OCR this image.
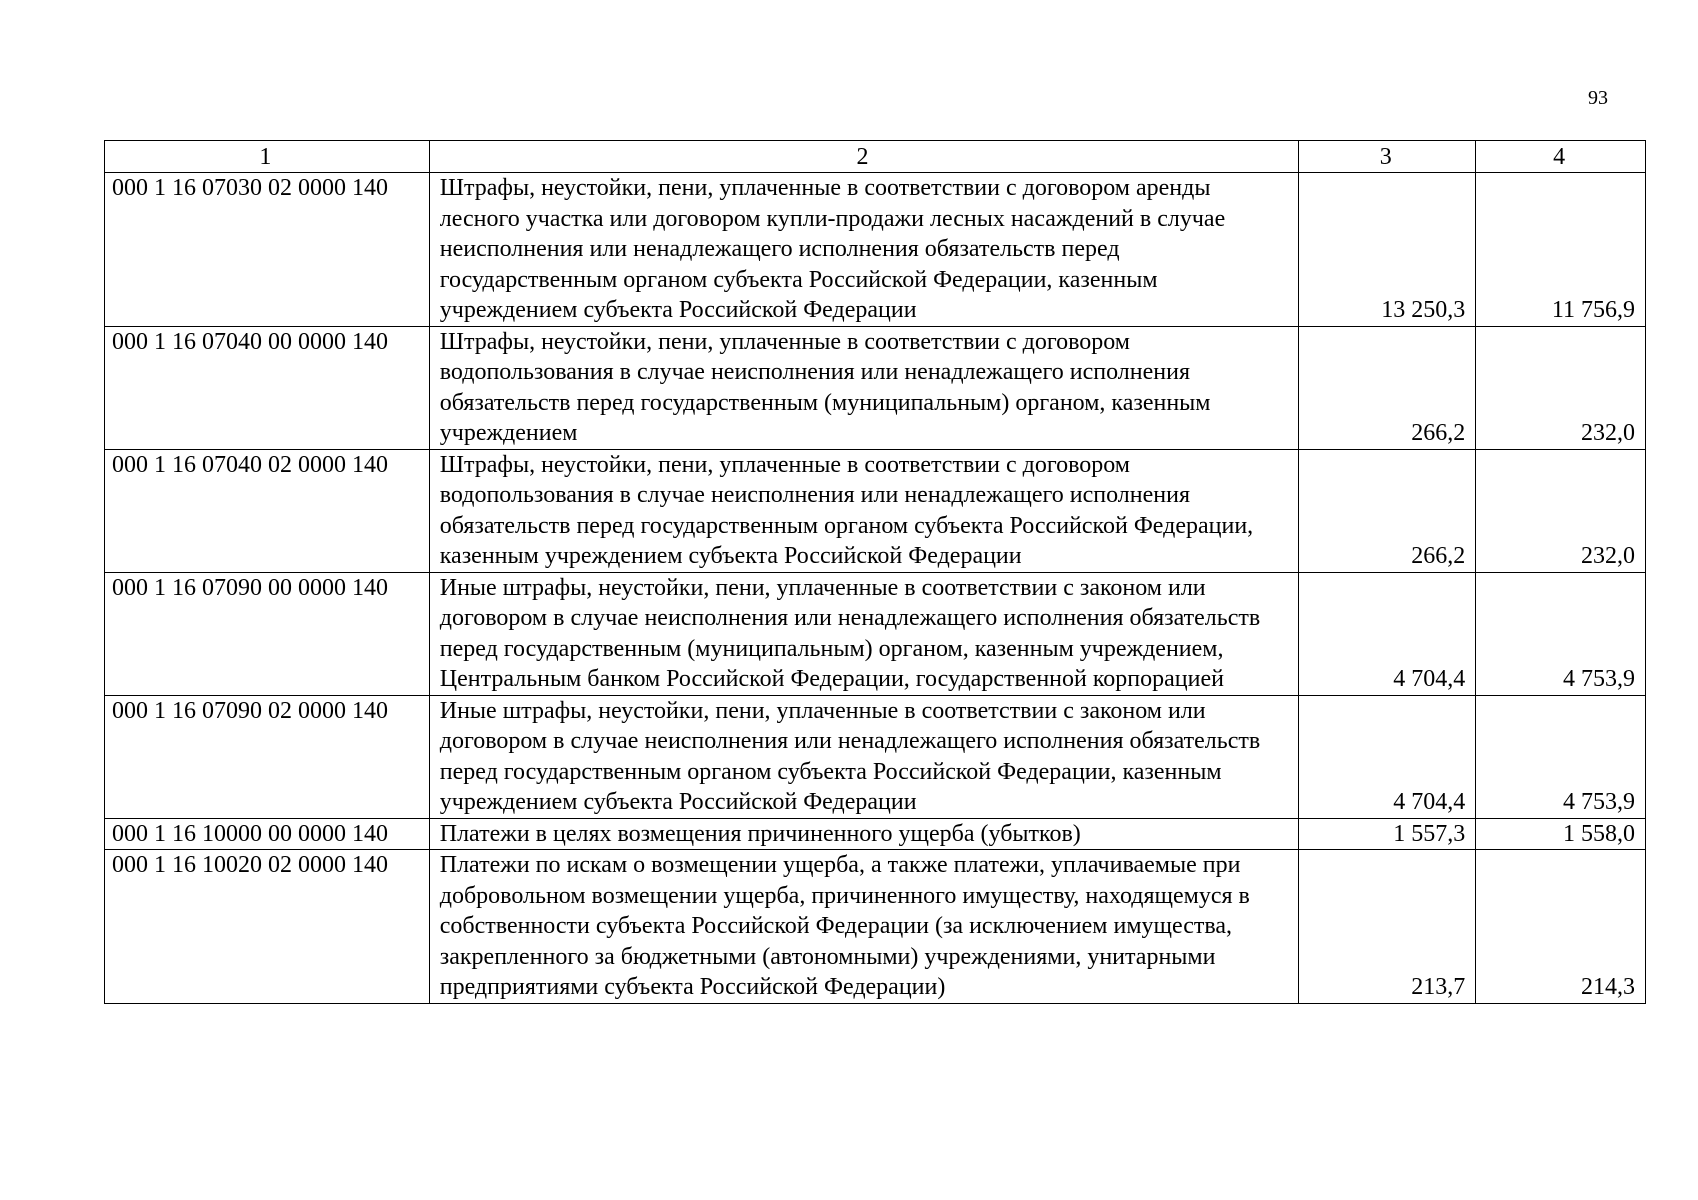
93
1	2	3	4
000 1 16 07030 02 0000 140	Штрафы, неустойки, пени, уплаченные в соответствии с договором аренды лесного участка или договором купли-продажи лесных насаждений в случае неисполнения или ненадлежащего исполнения обязательств перед государственным органом субъекта Российской Федерации, казенным учреждением субъекта Российской Федерации	13 250,3	11 756,9
000 1 16 07040 00 0000 140	Штрафы, неустойки, пени, уплаченные в соответствии с договором водопользования в случае неисполнения или ненадлежащего исполнения обязательств перед государственным (муниципальным) органом, казенным учреждением	266,2	232,0
000 1 16 07040 02 0000 140	Штрафы, неустойки, пени, уплаченные в соответствии с договором водопользования в случае неисполнения или ненадлежащего исполнения обязательств перед государственным органом субъекта Российской Федерации, казенным учреждением субъекта Российской Федерации	266,2	232,0
000 1 16 07090 00 0000 140	Иные штрафы, неустойки, пени, уплаченные в соответствии с законом или договором в случае неисполнения или ненадлежащего исполнения обязательств перед государственным (муниципальным) органом, казенным учреждением, Центральным банком Российской Федерации, государственной корпорацией	4 704,4	4 753,9
000 1 16 07090 02 0000 140	Иные штрафы, неустойки, пени, уплаченные в соответствии с законом или договором в случае неисполнения или ненадлежащего исполнения обязательств перед государственным органом субъекта Российской Федерации, казенным учреждением субъекта Российской Федерации	4 704,4	4 753,9
000 1 16 10000 00 0000 140	Платежи в целях возмещения причиненного ущерба (убытков)	1 557,3	1 558,0
000 1 16 10020 02 0000 140	Платежи по искам о возмещении ущерба, а также платежи, уплачиваемые при добровольном возмещении ущерба, причиненного имуществу, находящемуся в собственности субъекта Российской Федерации (за исключением имущества, закрепленного за бюджетными (автономными) учреждениями, унитарными предприятиями субъекта Российской Федерации)	213,7	214,3
